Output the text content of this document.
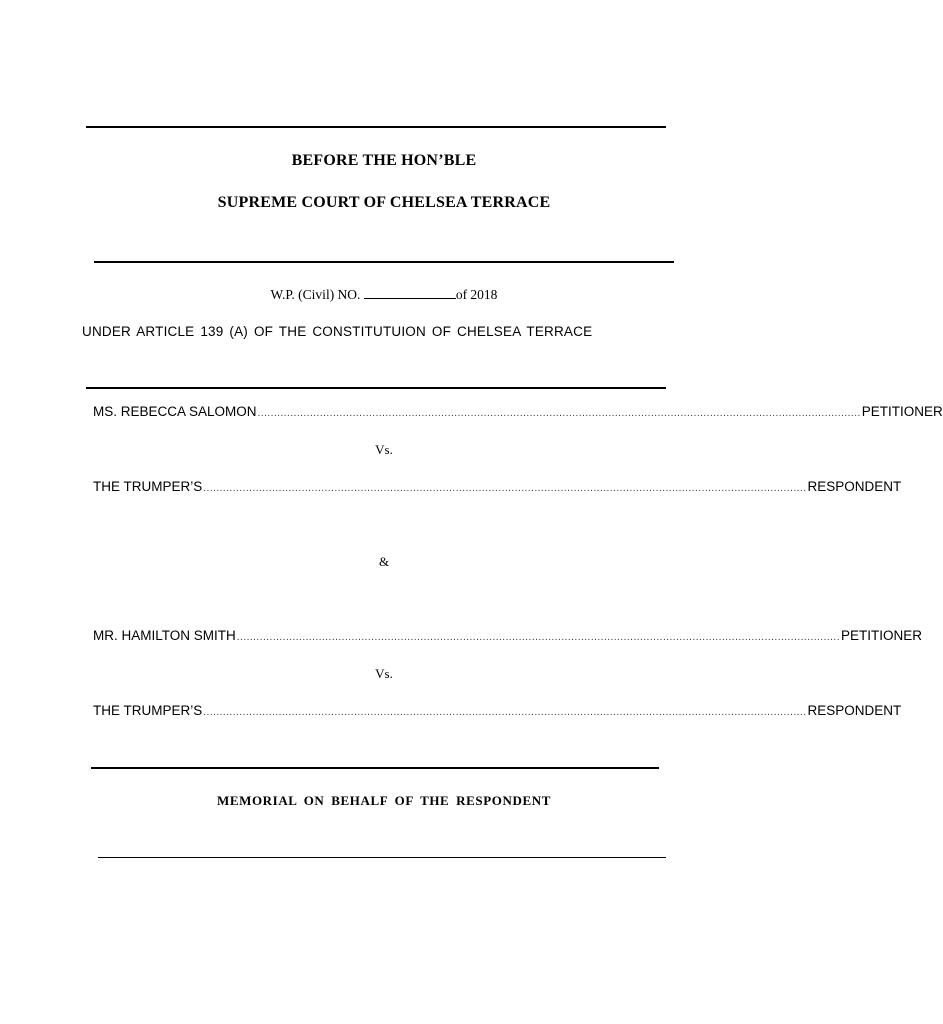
BEFORE THE HON’BLE
SUPREME COURT OF CHELSEA TERRACE
W.P. (Civil) NO.	of 2018
UNDER ARTICLE 139 (A) OF THE CONSTITUTUION OF CHELSEA TERRACE
MS. REBECCA SALOMON ........................................................................................................................................................................................ PETITIONER
Vs.
THE TRUMPER’S ........................................................................................................................................................................................ RESPONDENT
&
MR. HAMILTON SMITH ........................................................................................................................................................................................ PETITIONER
Vs.
THE TRUMPER’S ........................................................................................................................................................................................ RESPONDENT
MEMORIAL ON BEHALF OF THE RESPONDENT
